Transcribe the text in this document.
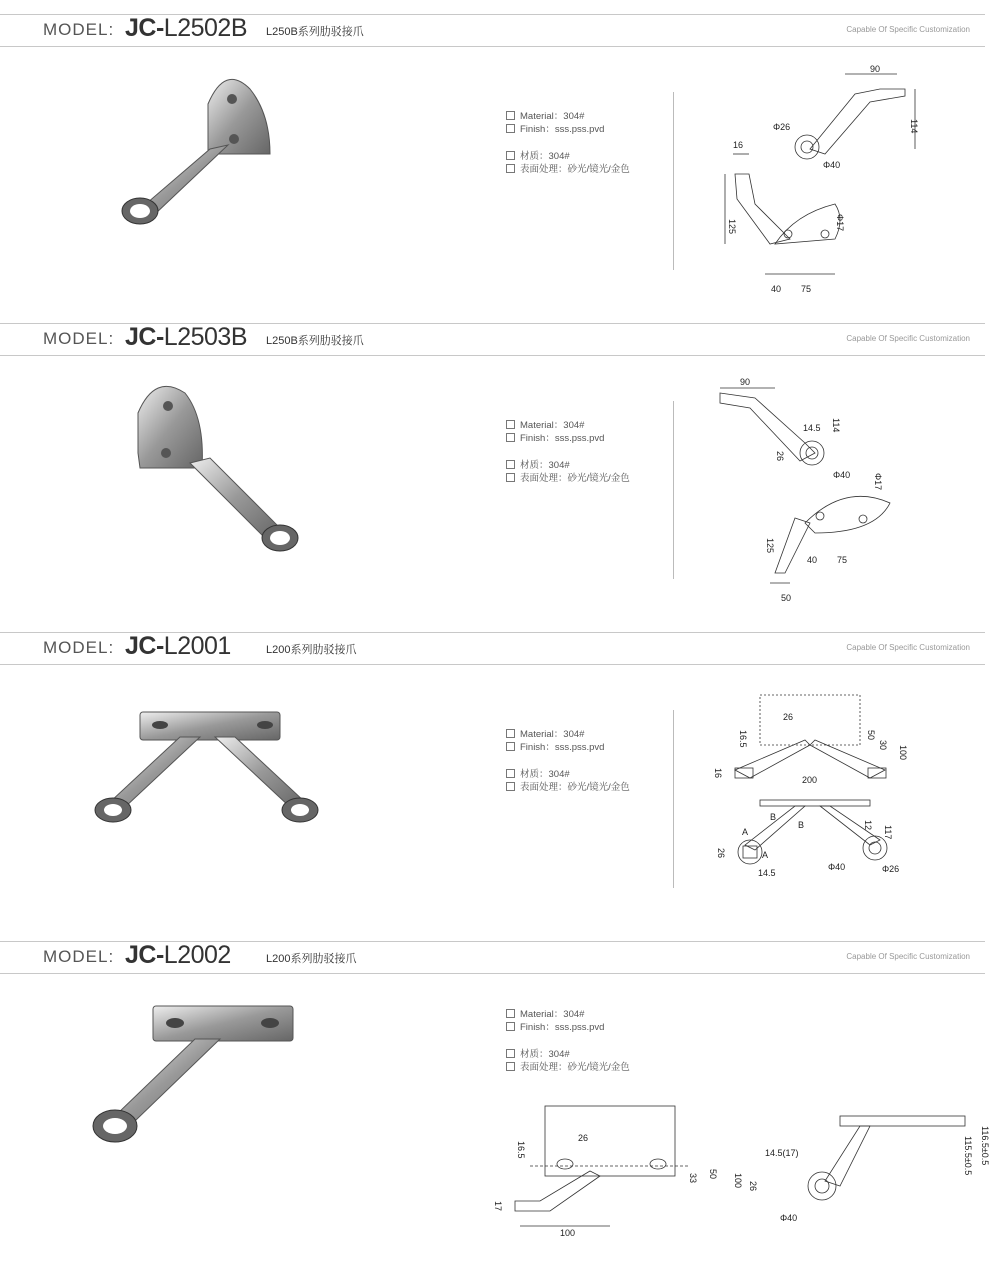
MODEL: JC-L2502B L250B系列肋驳接爪	Capable Of Specific Customization
Material：304#
Finish：sss.pss.pvd
材质：304#
表面处理：砂光/镜光/金色
90
114
Φ26
Φ40
16
Φ17
125
40 75
MODEL: JC-L2503B L250B系列肋驳接爪	Capable Of Specific Customization
Material：304#
Finish：sss.pss.pvd
材质：304#
表面处理：砂光/镜光/金色
90
14.5 114
26
Φ40	Φ17
125
40 75
50
MODEL: JC-L2001	L200系列肋驳接爪	Capable Of Specific Customization
Material：304#
Finish：sss.pss.pvd
材质：304#
表面处理：砂光/镜光/金色
26
16.5	50
30 100
16
200
B
B	12 117
A
A
26
14.5
Φ40	Φ26
MODEL: JC-L2002	L200系列肋驳接爪	Capable Of Specific Customization
Material：304#
Finish：sss.pss.pvd
材质：304#
表面处理：砂光/镜光/金色
16.5
26
33 50 100
17
100
14.5(17)
26
Φ40
116.5±0.5
115.5±0.5
